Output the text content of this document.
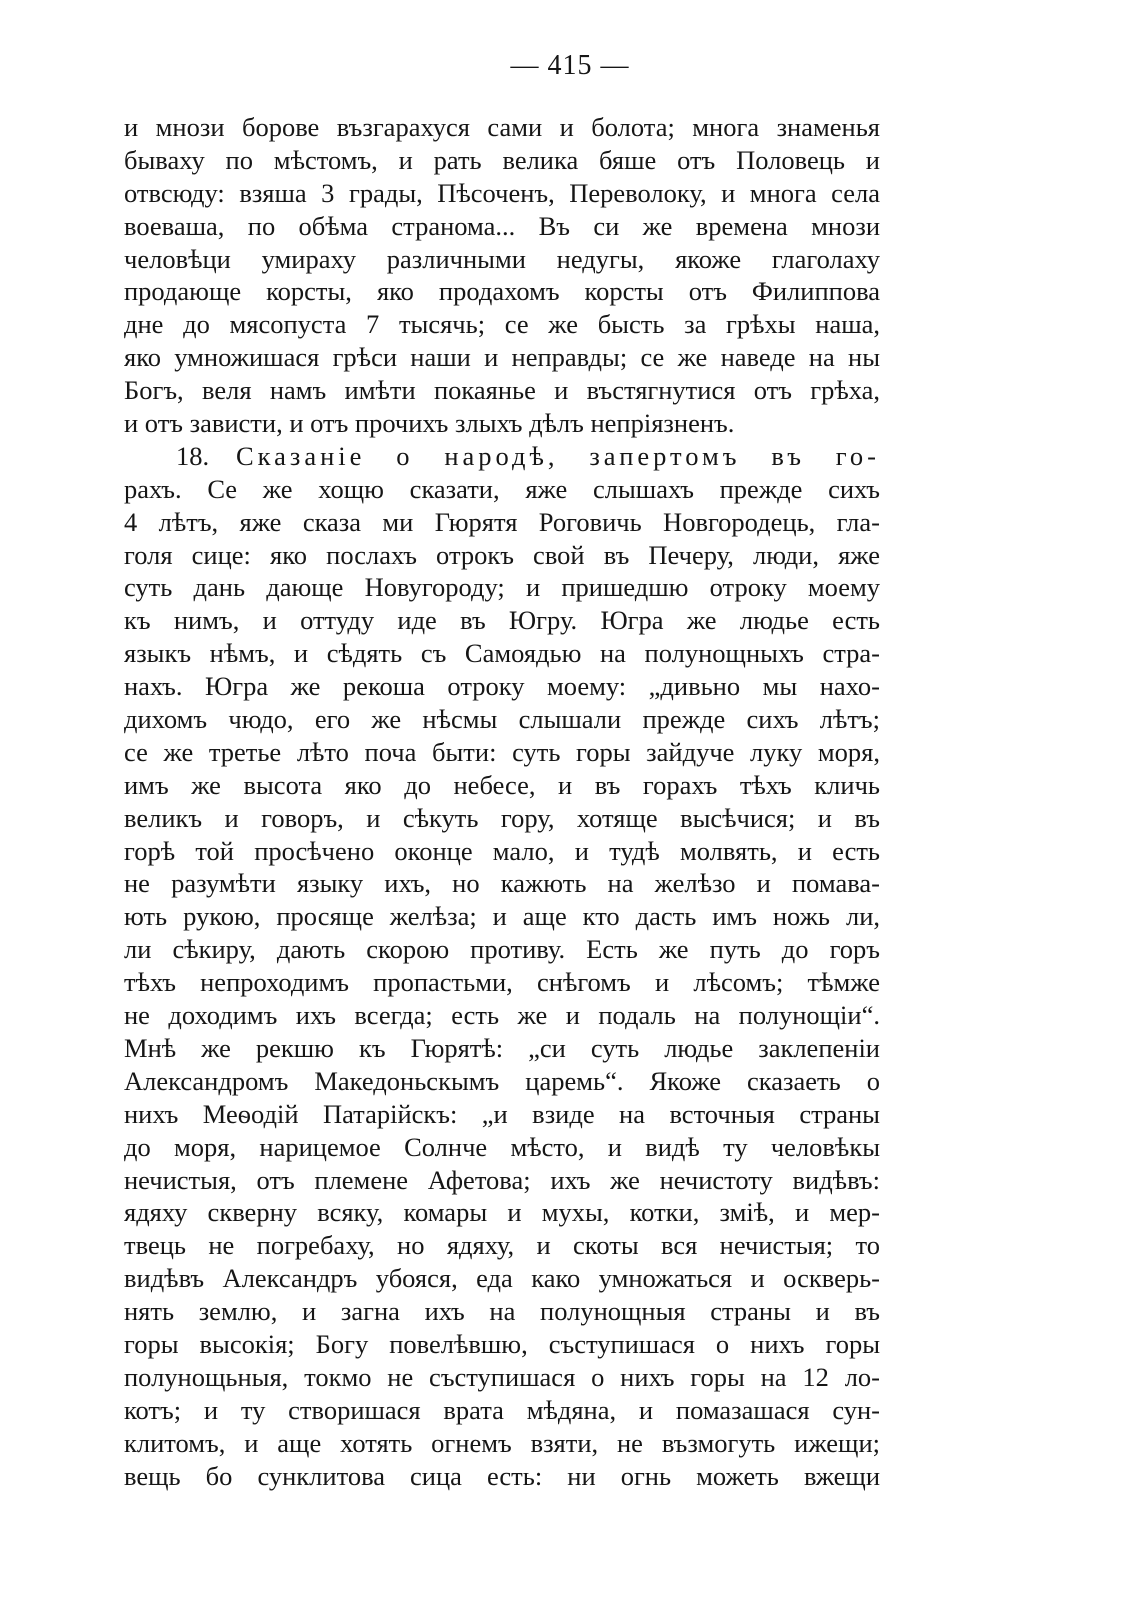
— 415 —
и мнози борове възгарахуся сами и болота; многа знаменья
бываху по мѣстомъ, и рать велика бяше отъ Половець и
отвсюду: взяша 3 грады, Пѣсоченъ, Переволоку, и многа села
воеваша, по обѣма странома... Въ си же времена мнози
человѣци умираху различными недугы, якоже глаголаху
продающе корсты, яко продахомъ корсты отъ Филиппова
дне до мясопуста 7 тысячь; се же бысть за грѣхы наша,
яко умножишася грѣси наши и неправды; се же наведе на ны
Богъ, веля намъ имѣти покаянье и въстягнутися отъ грѣха,
и отъ зависти, и отъ прочихъ злыхъ дѣлъ непріязненъ.
18. Сказаніе о народѣ, запертомъ въ го-
рахъ. Се же хощю сказати, яже слышахъ прежде сихъ
4 лѣтъ, яже сказа ми Гюрятя Роговичь Новгородець, гла-
голя сице: яко послахъ отрокъ свой въ Печеру, люди, яже
суть дань дающе Новугороду; и пришедшю отроку моему
къ нимъ, и оттуду иде въ Югру. Югра же людье есть
языкъ нѣмъ, и сѣдять съ Самоядью на полунощныхъ стра-
нахъ. Югра же рекоша отроку моему: „дивьно мы нахо-
дихомъ чюдо, его же нѣсмы слышали прежде сихъ лѣтъ;
се же третье лѣто поча быти: суть горы зайдуче луку моря,
имъ же высота яко до небесе, и въ горахъ тѣхъ кличь
великъ и говоръ, и сѣкуть гору, хотяще высѣчися; и въ
горѣ той просѣчено оконце мало, и тудѣ молвять, и есть
не разумѣти языку ихъ, но кажють на желѣзо и помава-
ють рукою, просяще желѣза; и аще кто дасть имъ ножь ли,
ли сѣкиру, дають скорою противу. Есть же путь до горъ
тѣхъ непроходимъ пропастьми, снѣгомъ и лѣсомъ; тѣмже
не доходимъ ихъ всегда; есть же и подаль на полунощіи“.
Мнѣ же рекшю къ Гюрятѣ: „си суть людье заклепеніи
Александромъ Македоньскымъ царемь“. Якоже сказаеть о
нихъ Меѳодій Патарійскъ: „и взиде на всточныя страны
до моря, нарицемое Солнче мѣсто, и видѣ ту человѣкы
нечистыя, отъ племене Афетова; ихъ же нечистоту видѣвъ:
ядяху скверну всяку, комары и мухы, котки, змiѣ, и мер-
твець не погребаху, но ядяху, и скоты вся нечистыя; то
видѣвъ Александръ убояся, еда како умножаться и оскверь-
нять землю, и загна ихъ на полунощныя страны и въ
горы высокія; Богу повелѣвшю, съступишася о нихъ горы
полунощьныя, токмо не съступишася о нихъ горы на 12 ло-
котъ; и ту створишася врата мѣдяна, и помазашася сун-
клитомъ, и аще хотять огнемъ взяти, не възмогуть ижещи;
вещь бо сунклитова сица есть: ни огнь можеть вжещи
